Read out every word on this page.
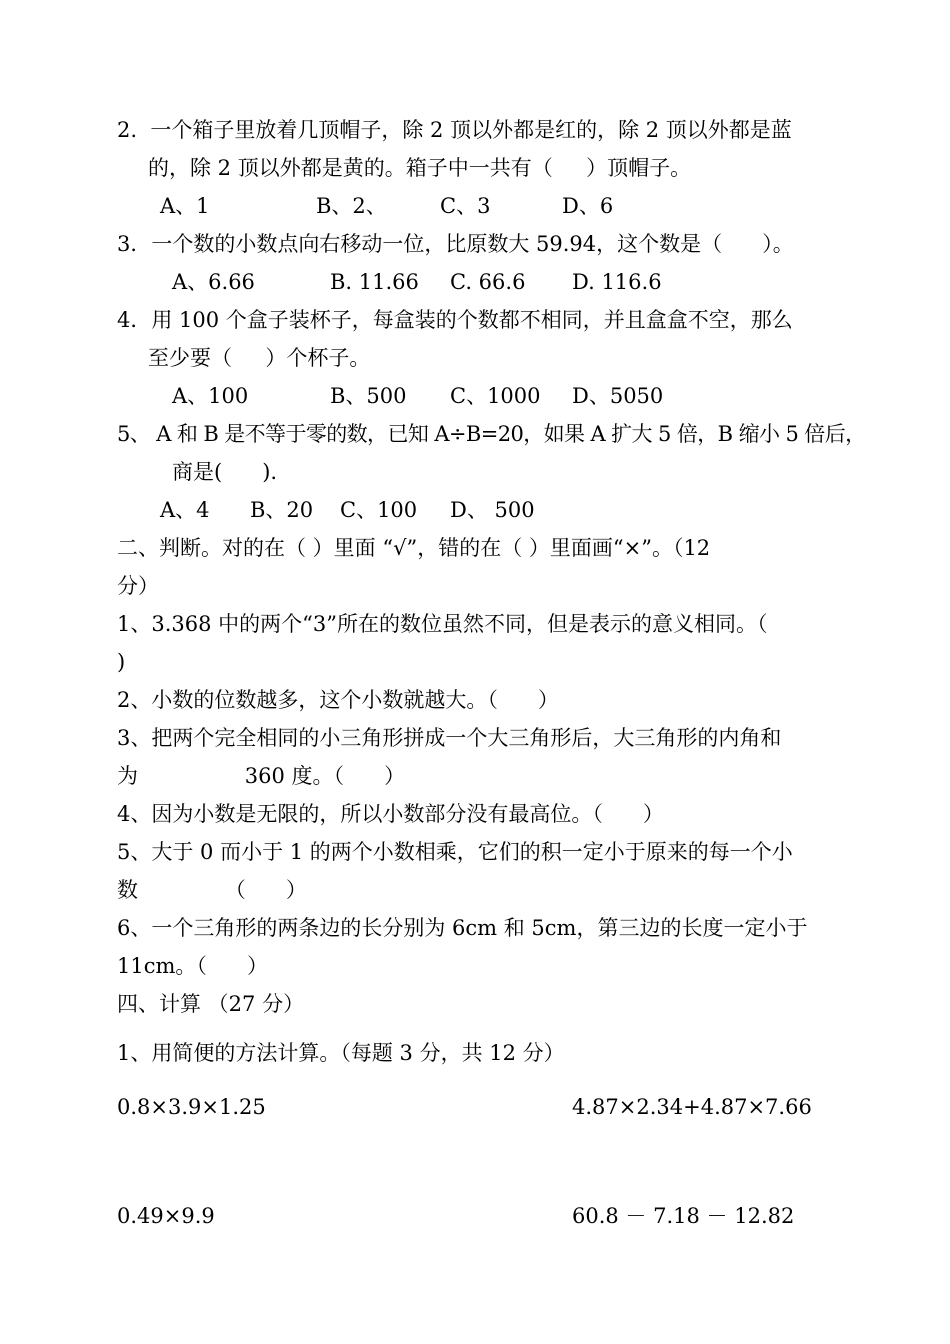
2.  一个箱子里放着几顶帽子，除 2 顶以外都是红的，除 2 顶以外都是蓝

的，除 2 顶以外都是黄的。箱子中一共有（     ）顶帽子。

A、1	B、2、	C、3	D、6

3．一个数的小数点向右移动一位，比原数大 59.94，这个数是（      ）。

A、6.66	B. 11.66 C. 66.6 D. 116.6

4．用 100 个盒子装杯子，每盒装的个数都不相同，并且盒盒不空，那么

至少要（     ）个杯子。

A、100	B、500 C、1000 D、5050

5、 A 和 B 是不等于零的数，已知 A÷B=20，如果 A 扩大 5 倍，B 缩小 5 倍后，

商是(      ).

A、4 B、20 C、100 D、 500

二、判断。对的在（ ）里面 “√”，错的在（ ）里面画“×”。（12

分）

1、3.368 中的两个“3”所在的数位虽然不同，但是表示的意义相同。（

)

2、小数的位数越多，这个小数就越大。（      ）

3、把两个完全相同的小三角形拼成一个大三角形后，大三角形的内角和

为                360 度。（      ）

4、因为小数是无限的，所以小数部分没有最高位。（      ）

5、大于 0 而小于 1 的两个小数相乘，它们的积一定小于原来的每一个小

数             （      ）

6、一个三角形的两条边的长分别为 6cm 和 5cm，第三边的长度一定小于

11cm。（      ）

四、计算 （27 分）

1、用简便的方法计算。（每题 3 分，共 12 分）

0.8×3.9×1.25	4.87×2.34+4.87×7.66
0.49×9.9	60.8 － 7.18 － 12.82
